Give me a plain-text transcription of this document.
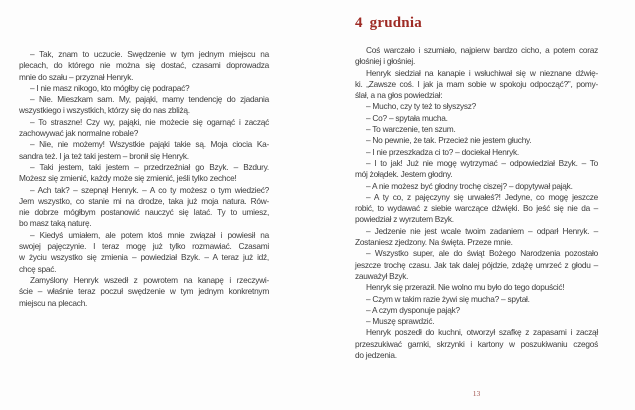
– Tak, znam to uczucie. Swędzenie w tym jednym miejscu na
plecach, do którego nie można się dostać, czasami doprowadza
mnie do szału – przyznał Henryk.
– I nie masz nikogo, kto mógłby cię podrapać?
– Nie. Mieszkam sam. My, pająki, mamy tendencję do zjadania
wszystkiego i wszystkich, którzy się do nas zbliżą.
– To straszne! Czy wy, pająki, nie możecie się ogarnąć i zacząć
zachowywać jak normalne robale?
– Nie, nie możemy! Wszystkie pająki takie są. Moja ciocia Ka-
sandra też. I ja też taki jestem – bronił się Henryk.
– Taki jestem, taki jestem – przedrzeźniał go Bzyk. – Bzdury.
Możesz się zmienić, każdy może się zmienić, jeśli tylko zechce!
– Ach tak? – szepnął Henryk. – A co ty możesz o tym wiedzieć?
Jem wszystko, co stanie mi na drodze, taka już moja natura. Rów-
nie dobrze mógłbym postanowić nauczyć się latać. Ty to umiesz,
bo masz taką naturę.
– Kiedyś umiałem, ale potem ktoś mnie związał i powiesił na
swojej pajęczynie. I teraz mogę już tylko rozmawiać. Czasami
w życiu wszystko się zmienia – powiedział Bzyk. – A teraz już idź,
chcę spać.
Zamyślony Henryk wszedł z powrotem na kanapę i rzeczywi-
ście – właśnie teraz poczuł swędzenie w tym jednym konkretnym
miejscu na plecach.
4 grudnia
Coś warczało i szumiało, najpierw bardzo cicho, a potem coraz
głośniej i głośniej.
Henryk siedział na kanapie i wsłuchiwał się w nieznane dźwię-
ki. „Zawsze coś. I jak ja mam sobie w spokoju odpocząć?”, pomy-
ślał, a na głos powiedział:
– Mucho, czy ty też to słyszysz?
– Co? – spytała mucha.
– To warczenie, ten szum.
– No pewnie, że tak. Przecież nie jestem głuchy.
– I nie przeszkadza ci to? – dociekał Henryk.
– I to jak! Już nie mogę wytrzymać – odpowiedział Bzyk. – To
mój żołądek. Jestem głodny.
– A nie możesz być głodny trochę ciszej? – dopytywał pająk.
– A ty co, z pajęczyny się urwałeś?! Jedyne, co mogę jeszcze
robić, to wydawać z siebie warczące dźwięki. Bo jeść się nie da –
powiedział z wyrzutem Bzyk.
– Jedzenie nie jest wcale twoim zadaniem – odparł Henryk. –
Zostaniesz zjedzony. Na święta. Przeze mnie.
– Wszystko super, ale do świąt Bożego Narodzenia pozostało
jeszcze trochę czasu. Jak tak dalej pójdzie, zdążę umrzeć z głodu –
zauważył Bzyk.
Henryk się przeraził. Nie wolno mu było do tego dopuścić!
– Czym w takim razie żywi się mucha? – spytał.
– A czym dysponuje pająk?
– Muszę sprawdzić.
Henryk poszedł do kuchni, otworzył szafkę z zapasami i zaczął
przeszukiwać garnki, skrzynki i kartony w poszukiwaniu czegoś
do jedzenia.
13
